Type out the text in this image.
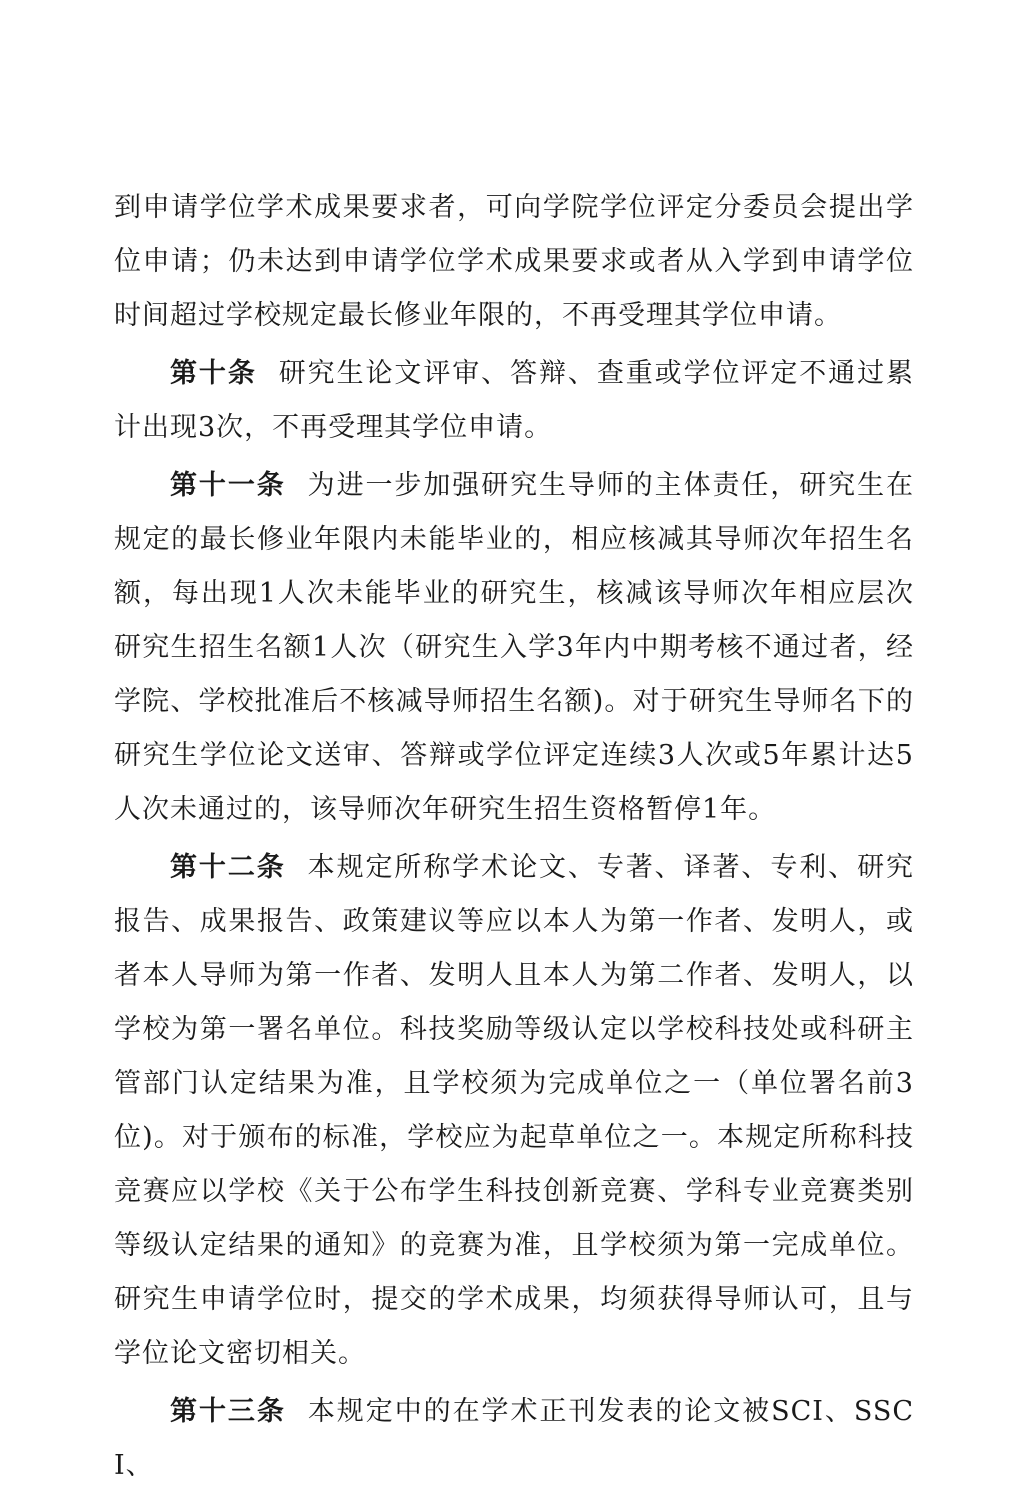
到申请学位学术成果要求者，可向学院学位评定分委员会提出学位申请；仍未达到申请学位学术成果要求或者从入学到申请学位时间超过学校规定最长修业年限的，不再受理其学位申请。

第十条 研究生论文评审、答辩、查重或学位评定不通过累计出现3次，不再受理其学位申请。

第十一条 为进一步加强研究生导师的主体责任，研究生在规定的最长修业年限内未能毕业的，相应核减其导师次年招生名额，每出现1人次未能毕业的研究生，核减该导师次年相应层次研究生招生名额1人次（研究生入学3年内中期考核不通过者，经学院、学校批准后不核减导师招生名额)。对于研究生导师名下的研究生学位论文送审、答辩或学位评定连续3人次或5年累计达5人次未通过的，该导师次年研究生招生资格暂停1年。

第十二条 本规定所称学术论文、专著、译著、专利、研究报告、成果报告、政策建议等应以本人为第一作者、发明人，或者本人导师为第一作者、发明人且本人为第二作者、发明人，以学校为第一署名单位。科技奖励等级认定以学校科技处或科研主管部门认定结果为准，且学校须为完成单位之一（单位署名前3位)。对于颁布的标准，学校应为起草单位之一。本规定所称科技竞赛应以学校《关于公布学生科技创新竞赛、学科专业竞赛类别等级认定结果的通知》的竞赛为准，且学校须为第一完成单位。研究生申请学位时，提交的学术成果，均须获得导师认可，且与学位论文密切相关。

第十三条 本规定中的在学术正刊发表的论文被SCI、SSCI、
